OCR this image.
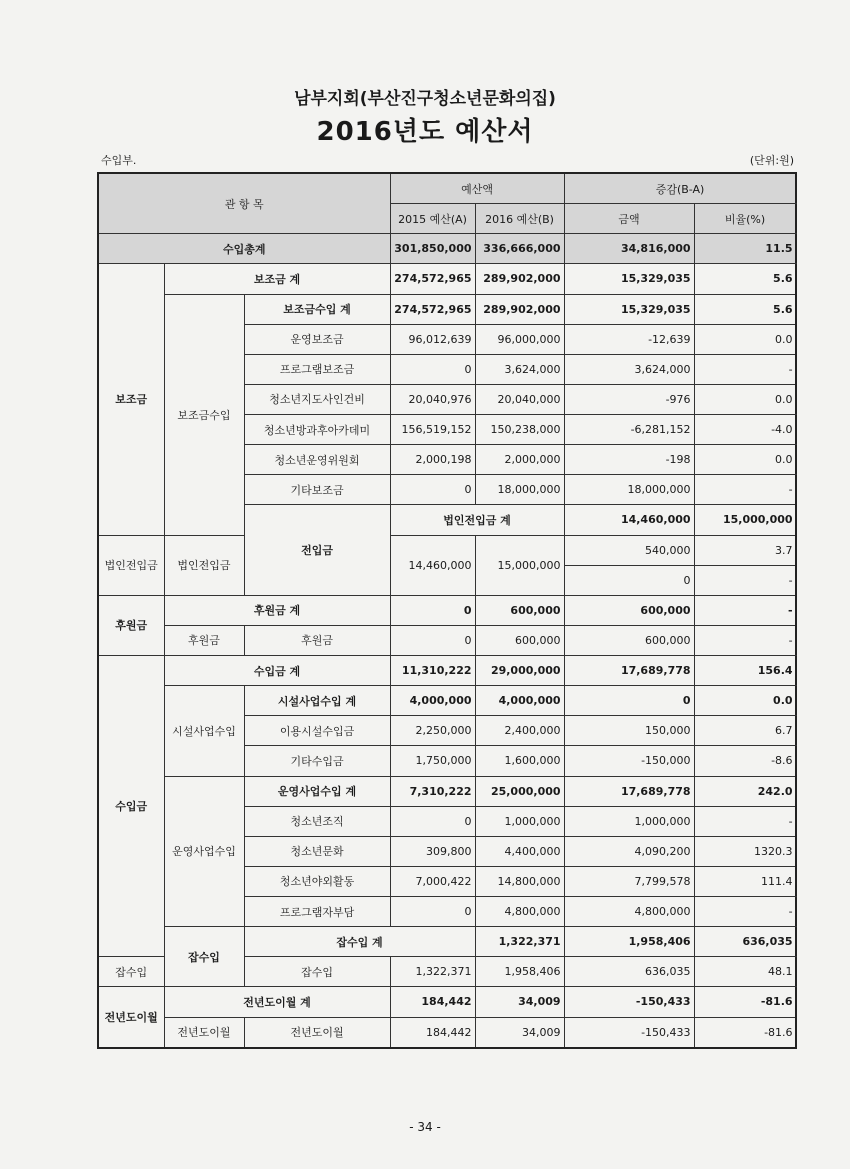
남부지회(부산진구청소년문화의집)
2016년도 예산서
수입부.	(단위:원)
관 항 목			예산액		증감(B-A)		
			2015 예산(A)	2016 예산(B)	금액	비율(%)	
수입총계			301,850,000	336,666,000	34,816,000	11.5	
보조금	보조금 계		274,572,965	289,902,000	15,329,035	5.6	
	보조금수입	보조금수입 계	274,572,965	289,902,000	15,329,035	5.6	
		운영보조금	96,012,639	96,000,000	-12,639	0.0	
		프로그램보조금	0	3,624,000	3,624,000	-	
		청소년지도사인건비	20,040,976	20,040,000	-976	0.0	
		청소년방과후아카데미	156,519,152	150,238,000	-6,281,152	-4.0	
		청소년운영위원회	2,000,198	2,000,000	-198	0.0	
		기타보조금	0	18,000,000	18,000,000	-	
		전입금	법인전입금 계		14,460,000	15,000,000		
법인전입금	법인전입금		14,460,000	15,000,000	540,000	3.7	
					0	-	
후원금	후원금 계		0	600,000	600,000	-	
	후원금	후원금	0	600,000	600,000	-	
수입금	수입금 계		11,310,222	29,000,000	17,689,778	156.4	
	시설사업수입	시설사업수입 계	4,000,000	4,000,000	0	0.0	
		이용시설수입금	2,250,000	2,400,000	150,000	6.7	
		기타수입금	1,750,000	1,600,000	-150,000	-8.6	
	운영사업수입	운영사업수입 계	7,310,222	25,000,000	17,689,778	242.0	
		청소년조직	0	1,000,000	1,000,000	-	
		청소년문화	309,800	4,400,000	4,090,200	1320.3	
		청소년야외활동	7,000,422	14,800,000	7,799,578	111.4	
		프로그램자부담	0	4,800,000	4,800,000	-	
	잡수입	잡수입 계		1,322,371	1,958,406	636,035	
잡수입		잡수입	1,322,371	1,958,406	636,035	48.1	
전년도이월	전년도이월 계		184,442	34,009	-150,433	-81.6	
	전년도이월	전년도이월	184,442	34,009	-150,433	-81.6	
- 34 -
